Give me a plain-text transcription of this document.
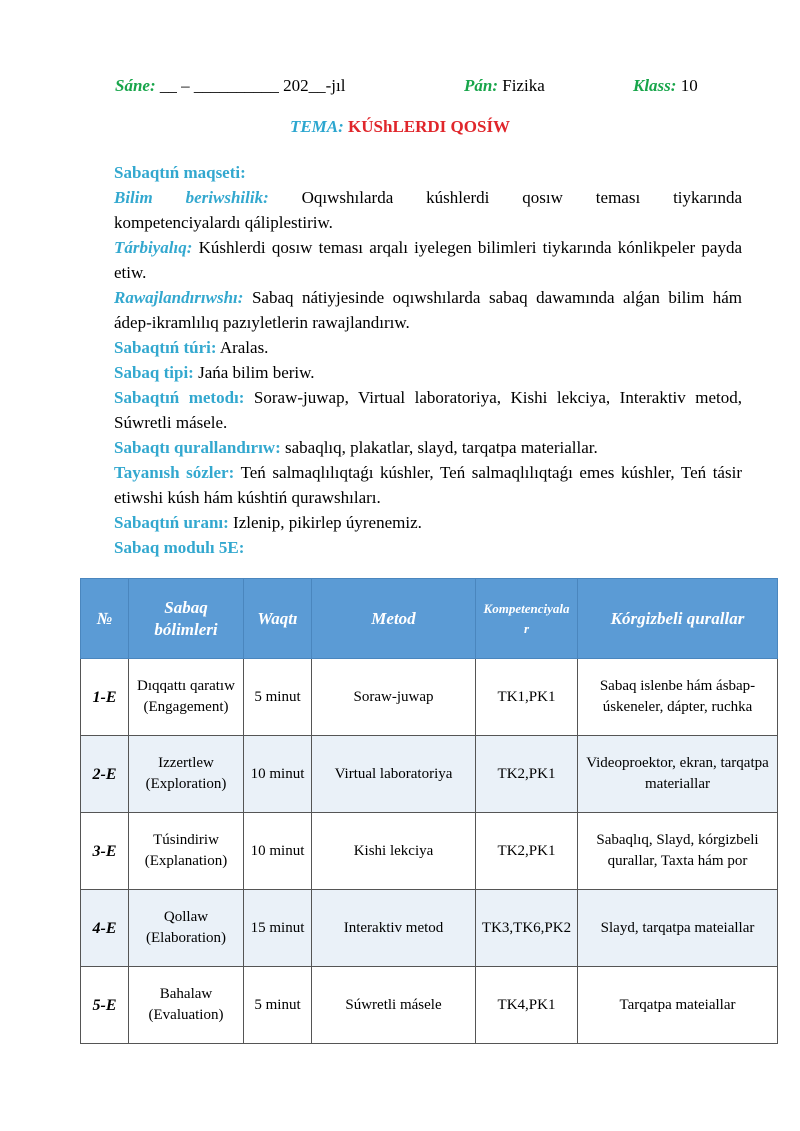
Sáne: __ – __________ 202__-jıl	Pán: Fizika	Klass: 10
TEMA: KÚShLERDI QOSÍW
Sabaqtıń maqseti:
Bilim beriwshilik: Oqıwshılarda kúshlerdi qosıw teması tiykarında
kompetenciyalardı qáliplestiriw.
Tárbiyalıq: Kúshlerdi qosıw teması arqalı iyelegen bilimleri tiykarında kónlikpeler payda etiw.
Rawajlandırıwshı: Sabaq nátiyjesinde oqıwshılarda sabaq dawamında alǵan bilim hám ádep-ikramlılıq pazıyletlerin rawajlandırıw.
Sabaqtıń túri: Aralas.
Sabaq tipi: Jańa bilim beriw.
Sabaqtıń metodı: Soraw-juwap, Virtual laboratoriya, Kishi lekciya, Interaktiv metod, Súwretli másele.
Sabaqtı qurallandırıw: sabaqlıq, plakatlar, slayd, tarqatpa materiallar.
Tayanısh sózler: Teń salmaqlılıqtaǵı kúshler, Teń salmaqlılıqtaǵı emes kúshler, Teń tásir etiwshi kúsh hám kúshtiń qurawshıları.
Sabaqtıń uranı: Izlenip, pikirlep úyrenemiz.
Sabaq modulı 5E:
№	Sabaq bólimleri	Waqtı	Metod	Kompetenciyalar	Kórgizbeli qurallar
1-E	Dıqqattı qaratıw (Engagement)	5 minut	Soraw-juwap	TK1,PK1	Sabaq islenbe hám ásbap-úskeneler, dápter, ruchka
2-E	Izzertlew (Exploration)	10 minut	Virtual laboratoriya	TK2,PK1	Videoproektor, ekran, tarqatpa materiallar
3-E	Túsindiriw (Explanation)	10 minut	Kishi lekciya	TK2,PK1	Sabaqlıq, Slayd, kórgizbeli qurallar, Taxta hám por
4-E	Qollaw (Elaboration)	15 minut	Interaktiv metod	TK3,TK6,PK2	Slayd, tarqatpa mateiallar
5-E	Bahalaw (Evaluation)	5 minut	Súwretli másele	TK4,PK1	Tarqatpa mateiallar
